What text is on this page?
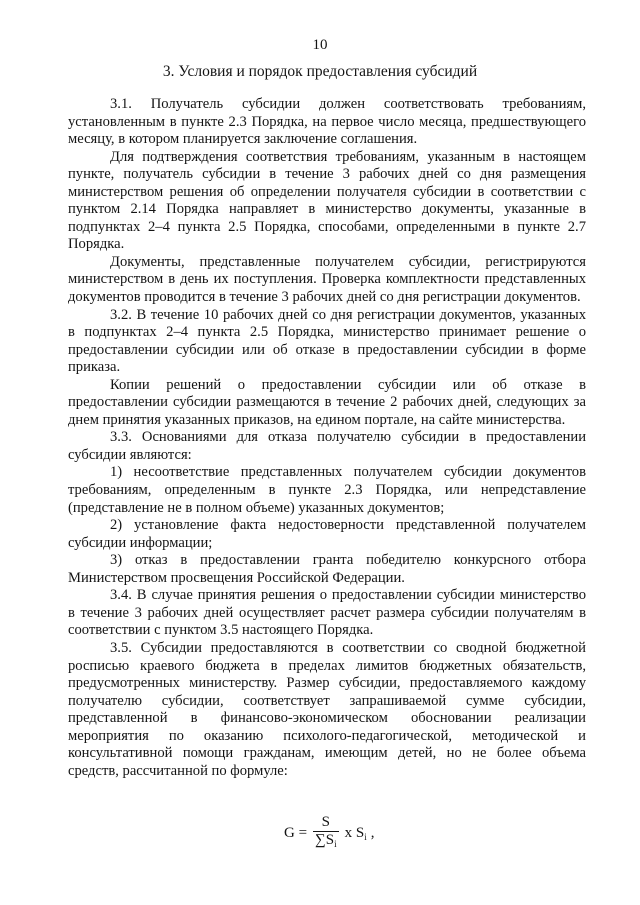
10
3. Условия и порядок предоставления субсидий

3.1. Получатель субсидии должен соответствовать требованиям, установленным в пункте 2.3 Порядка, на первое число месяца, предшествующего месяцу, в котором планируется заключение соглашения.

Для подтверждения соответствия требованиям, указанным в настоящем пункте, получатель субсидии в течение 3 рабочих дней со дня размещения министерством решения об определении получателя субсидии в соответствии с пунктом 2.14 Порядка направляет в министерство документы, указанные в подпунктах 2–4 пункта 2.5 Порядка, способами, определенными в пункте 2.7 Порядка.

Документы, представленные получателем субсидии, регистрируются министерством в день их поступления. Проверка комплектности представленных документов проводится в течение 3 рабочих дней со дня регистрации документов.

3.2. В течение 10 рабочих дней со дня регистрации документов, указанных в подпунктах 2–4 пункта 2.5 Порядка, министерство принимает решение о предоставлении субсидии или об отказе в предоставлении субсидии в форме приказа.

Копии решений о предоставлении субсидии или об отказе в предоставлении субсидии размещаются в течение 2 рабочих дней, следующих за днем принятия указанных приказов, на едином портале, на сайте министерства.

3.3. Основаниями для отказа получателю субсидии в предоставлении субсидии являются:

1) несоответствие представленных получателем субсидии документов требованиям, определенным в пункте 2.3 Порядка, или непредставление (представление не в полном объеме) указанных документов;

2) установление факта недостоверности представленной получателем субсидии информации;

3) отказ в предоставлении гранта победителю конкурсного отбора Министерством просвещения Российской Федерации.

3.4. В случае принятия решения о предоставлении субсидии министерство в течение 3 рабочих дней осуществляет расчет размера субсидии получателям в соответствии с пунктом 3.5 настоящего Порядка.

3.5. Субсидии предоставляются в соответствии со сводной бюджетной росписью краевого бюджета в пределах лимитов бюджетных обязательств, предусмотренных министерству. Размер субсидии, предоставляемого каждому получателю субсидии, соответствует запрашиваемой сумме субсидии, представленной в финансово-экономическом обосновании реализации мероприятия по оказанию психолого-педагогической, методической и консультативной помощи гражданам, имеющим детей, но не более объема средств, рассчитанной по формуле:

$G = \frac{S}{\sum S_i}$ x $S_i$ ,
